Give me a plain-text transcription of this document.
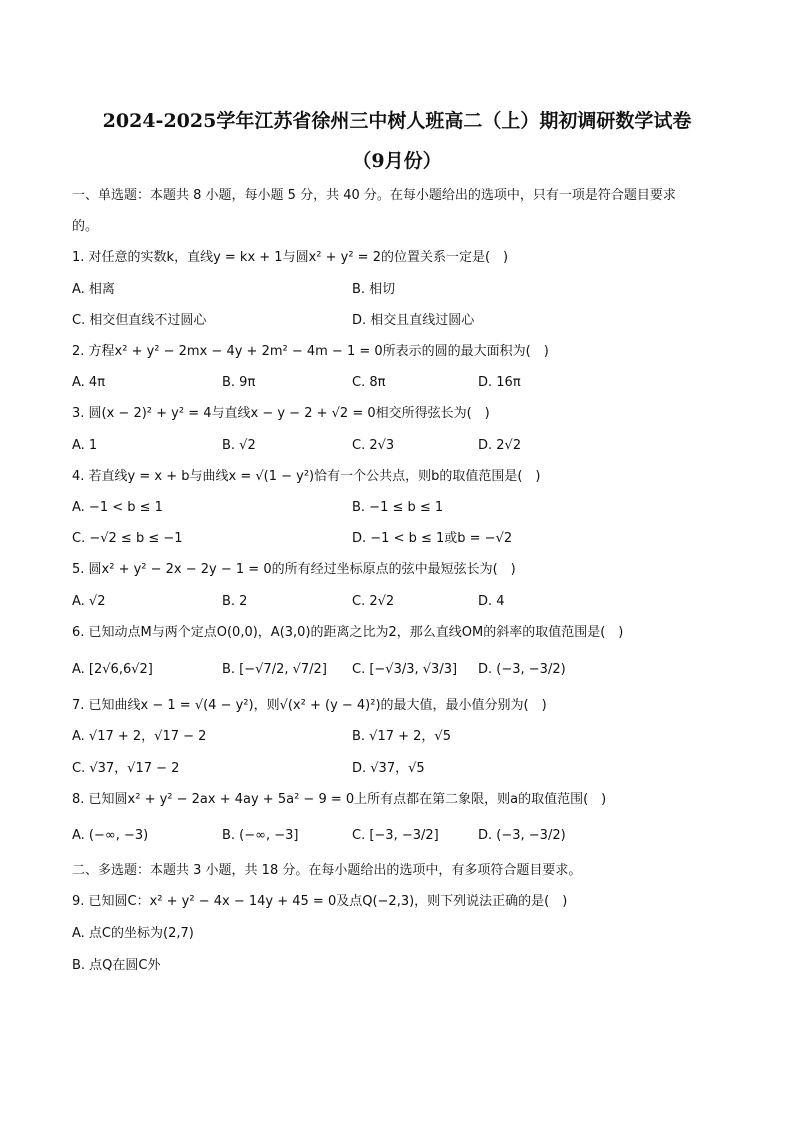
2024-2025学年江苏省徐州三中树人班高二（上）期初调研数学试卷
（9月份）
一、单选题：本题共 8 小题，每小题 5 分，共 40 分。在每小题给出的选项中，只有一项是符合题目要求
的。
1. 对任意的实数k，直线y = kx + 1与圆x² + y² = 2的位置关系一定是(　)
A. 相离	B. 相切
C. 相交但直线不过圆心	D. 相交且直线过圆心
2. 方程x² + y² − 2mx − 4y + 2m² − 4m − 1 = 0所表示的圆的最大面积为(　)
A. 4π	B. 9π	C. 8π	D. 16π
3. 圆(x − 2)² + y² = 4与直线x − y − 2 + √2 = 0相交所得弦长为(　)
A. 1	B. √2	C. 2√3	D. 2√2
4. 若直线y = x + b与曲线x = √(1 − y²)恰有一个公共点，则b的取值范围是(　)
A. −1 < b ≤ 1	B. −1 ≤ b ≤ 1
C. −√2 ≤ b ≤ −1	D. −1 < b ≤ 1或b = −√2
5. 圆x² + y² − 2x − 2y − 1 = 0的所有经过坐标原点的弦中最短弦长为(　)
A. √2	B. 2	C. 2√2	D. 4
6. 已知动点M与两个定点O(0,0)，A(3,0)的距离之比为2，那么直线OM的斜率的取值范围是(　)
A. [2√6,6√2]	B. [−√7/2, √7/2] C. [−√3/3, √3/3] D. (−3, −3/2)
7. 已知曲线x − 1 = √(4 − y²)，则√(x² + (y − 4)²)的最大值，最小值分别为(　)
A. √17 + 2，√17 − 2	B. √17 + 2，√5
C. √37，√17 − 2	D. √37，√5
8. 已知圆x² + y² − 2ax + 4ay + 5a² − 9 = 0上所有点都在第二象限，则a的取值范围(　)
A. (−∞, −3)	B. (−∞, −3]	C. [−3, −3/2]	D. (−3, −3/2)
二、多选题：本题共 3 小题，共 18 分。在每小题给出的选项中，有多项符合题目要求。
9. 已知圆C：x² + y² − 4x − 14y + 45 = 0及点Q(−2,3)，则下列说法正确的是(　)
A. 点C的坐标为(2,7)
B. 点Q在圆C外
